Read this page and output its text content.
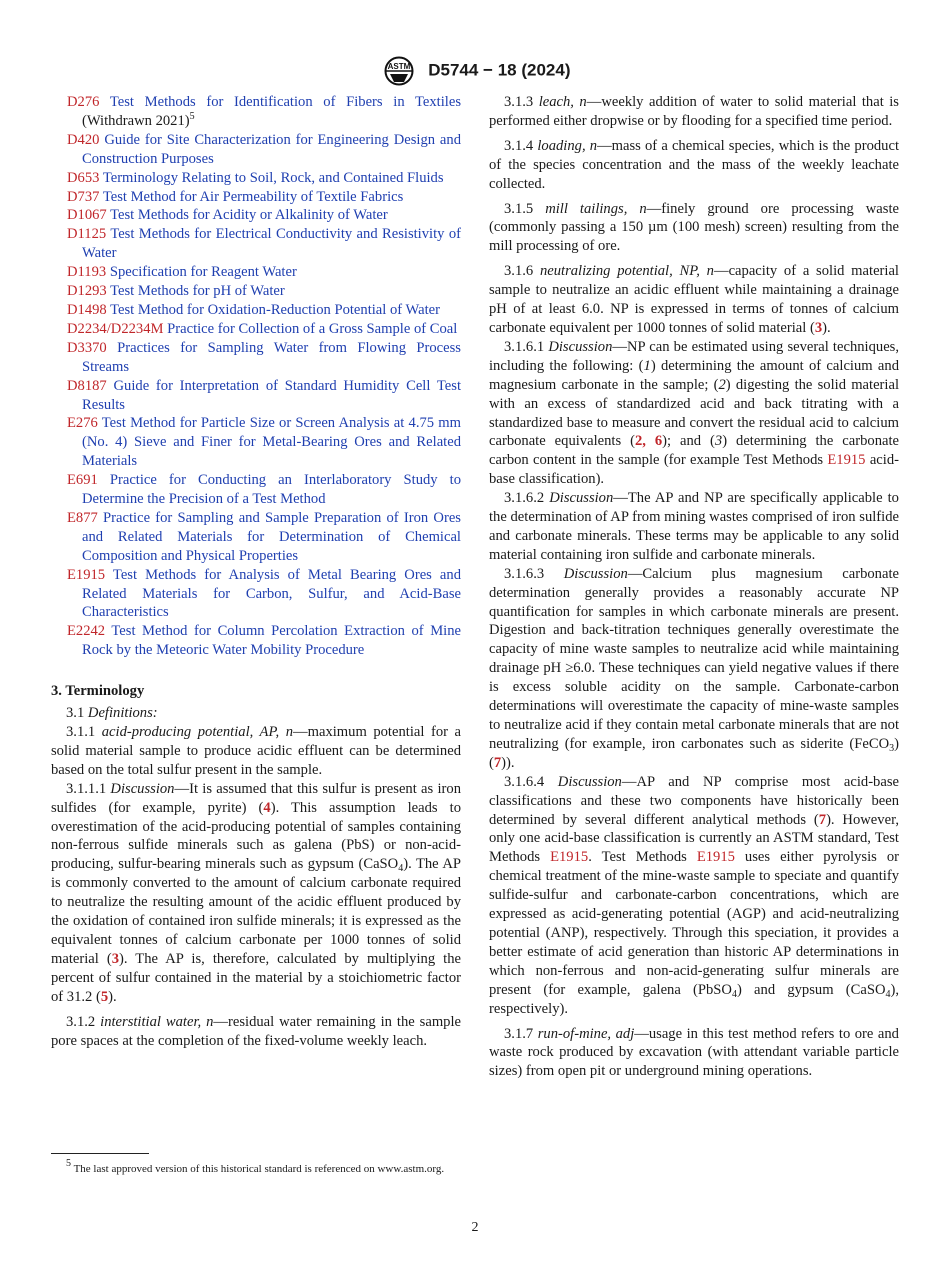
ASTM D5744 − 18 (2024)
D276 Test Methods for Identification of Fibers in Textiles (Withdrawn 2021)$^5$
D420 Guide for Site Characterization for Engineering Design and Construction Purposes
D653 Terminology Relating to Soil, Rock, and Contained Fluids
D737 Test Method for Air Permeability of Textile Fabrics
D1067 Test Methods for Acidity or Alkalinity of Water
D1125 Test Methods for Electrical Conductivity and Resistivity of Water
D1193 Specification for Reagent Water
D1293 Test Methods for pH of Water
D1498 Test Method for Oxidation-Reduction Potential of Water
D2234/D2234M Practice for Collection of a Gross Sample of Coal
D3370 Practices for Sampling Water from Flowing Process Streams
D8187 Guide for Interpretation of Standard Humidity Cell Test Results
E276 Test Method for Particle Size or Screen Analysis at 4.75 mm (No. 4) Sieve and Finer for Metal-Bearing Ores and Related Materials
E691 Practice for Conducting an Interlaboratory Study to Determine the Precision of a Test Method
E877 Practice for Sampling and Sample Preparation of Iron Ores and Related Materials for Determination of Chemical Composition and Physical Properties
E1915 Test Methods for Analysis of Metal Bearing Ores and Related Materials for Carbon, Sulfur, and Acid-Base Characteristics
E2242 Test Method for Column Percolation Extraction of Mine Rock by the Meteoric Water Mobility Procedure
3. Terminology

3.1 Definitions:

3.1.1 acid-producing potential, AP, n—maximum potential for a solid material sample to produce acidic effluent can be determined based on the total sulfur present in the sample.

3.1.1.1 Discussion—It is assumed that this sulfur is present as iron sulfides (for example, pyrite) (4). This assumption leads to overestimation of the acid-producing potential of samples containing non-ferrous sulfide minerals such as galena (PbS) or non-acid-producing, sulfur-bearing minerals such as gypsum (CaSO$_4$). The AP is commonly converted to the amount of calcium carbonate required to neutralize the resulting amount of the acidic effluent produced by the oxidation of contained iron sulfide minerals; it is expressed as the equivalent tonnes of calcium carbonate per 1000 tonnes of solid material (3). The AP is, therefore, calculated by multiplying the percent of sulfur contained in the material by a stoichiometric factor of 31.2 (5).

3.1.2 interstitial water, n—residual water remaining in the sample pore spaces at the completion of the fixed-volume weekly leach.

3.1.3 leach, n—weekly addition of water to solid material that is performed either dropwise or by flooding for a specified time period.

3.1.4 loading, n—mass of a chemical species, which is the product of the species concentration and the mass of the weekly leachate collected.

3.1.5 mill tailings, n—finely ground ore processing waste (commonly passing a 150 µm (100 mesh) screen) resulting from the mill processing of ore.

3.1.6 neutralizing potential, NP, n—capacity of a solid material sample to neutralize an acidic effluent while maintaining a drainage pH of at least 6.0. NP is expressed in terms of tonnes of calcium carbonate equivalent per 1000 tonnes of solid material (3).

3.1.6.1 Discussion—NP can be estimated using several techniques, including the following: (1) determining the amount of calcium and magnesium carbonate in the sample; (2) digesting the solid material with an excess of standardized acid and back titrating with a standardized base to measure and convert the residual acid to calcium carbonate equivalents (2, 6); and (3) determining the carbonate carbon content in the sample (for example Test Methods E1915 acid-base classification).

3.1.6.2 Discussion—The AP and NP are specifically applicable to the determination of AP from mining wastes comprised of iron sulfide and carbonate minerals. These terms may be applicable to any solid material containing iron sulfide and carbonate minerals.

3.1.6.3 Discussion—Calcium plus magnesium carbonate determination generally provides a reasonably accurate NP quantification for samples in which carbonate minerals are present. Digestion and back-titration techniques generally overestimate the capacity of mine waste samples to neutralize acid while maintaining drainage pH ≥6.0. These techniques can yield negative values if there is excess soluble acidity on the sample. Carbonate-carbon determinations will overestimate the capacity of mine-waste samples to neutralize acid if they contain metal carbonate minerals that are not neutralizing (for example, iron carbonates such as siderite (FeCO$_3$) (7)).

3.1.6.4 Discussion—AP and NP comprise most acid-base classifications and these two components have historically been determined by several different analytical methods (7). However, only one acid-base classification is currently an ASTM standard, Test Methods E1915. Test Methods E1915 uses either pyrolysis or chemical treatment of the mine-waste sample to speciate and quantify sulfide-sulfur and carbonate-carbon concentrations, which are expressed as acid-generating potential (AGP) and acid-neutralizing potential (ANP), respectively. Through this speciation, it provides a better estimate of acid generation than historic AP determinations in which non-ferrous and non-acid-generating sulfur minerals are present (for example, galena (PbSO$_4$) and gypsum (CaSO$_4$), respectively).

3.1.7 run-of-mine, adj—usage in this test method refers to ore and waste rock produced by excavation (with attendant variable particle sizes) from open pit or underground mining operations.

$^5$ The last approved version of this historical standard is referenced on www.astm.org.

2
